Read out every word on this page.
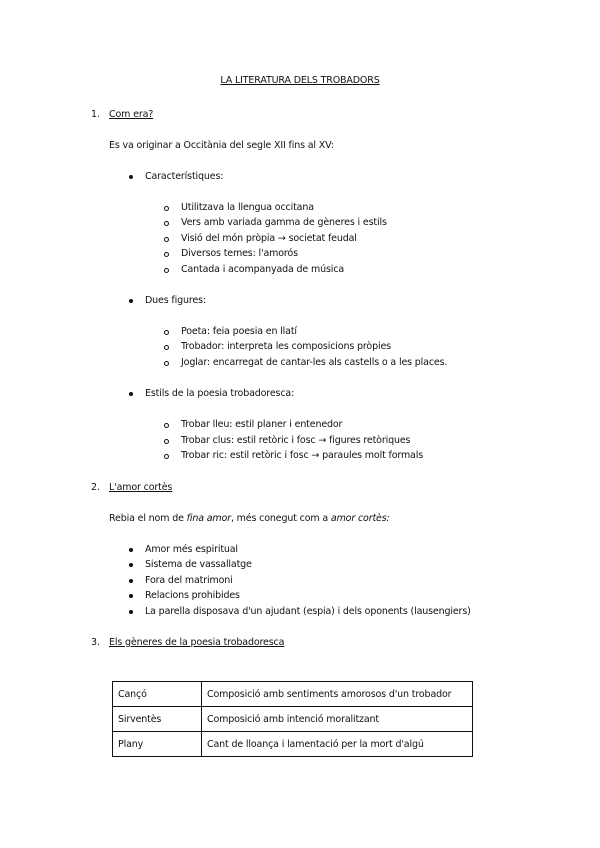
LA LITERATURA DELS TROBADORS
1. Com era?
Es va originar a Occitània del segle XII fins al XV:
Característiques:
Utilitzava la llengua occitana
Vers amb variada gamma de gèneres i estils
Visió del món pròpia → societat feudal
Diversos temes: l'amorós
Cantada i acompanyada de música
Dues figures:
Poeta: feia poesia en llatí
Trobador: interpreta les composicions pròpies
Joglar: encarregat de cantar-les als castells o a les places.
Estils de la poesia trobadoresca:
Trobar lleu: estil planer i entenedor
Trobar clus: estil retòric i fosc → figures retòriques
Trobar ric: estil retòric i fosc → paraules molt formals
2. L'amor cortès
Rebia el nom de fina amor, més conegut com a amor cortès:
Amor més espiritual
Sistema de vassallatge
Fora del matrimoni
Relacions prohibides
La parella disposava d'un ajudant (espia) i dels oponents (lausengiers)
3. Els gèneres de la poesia trobadoresca
Cançó	Composició amb sentiments amorosos d'un trobador
Sirventès	Composició amb intenció moralitzant
Plany	Cant de lloança i lamentació per la mort d'algú
